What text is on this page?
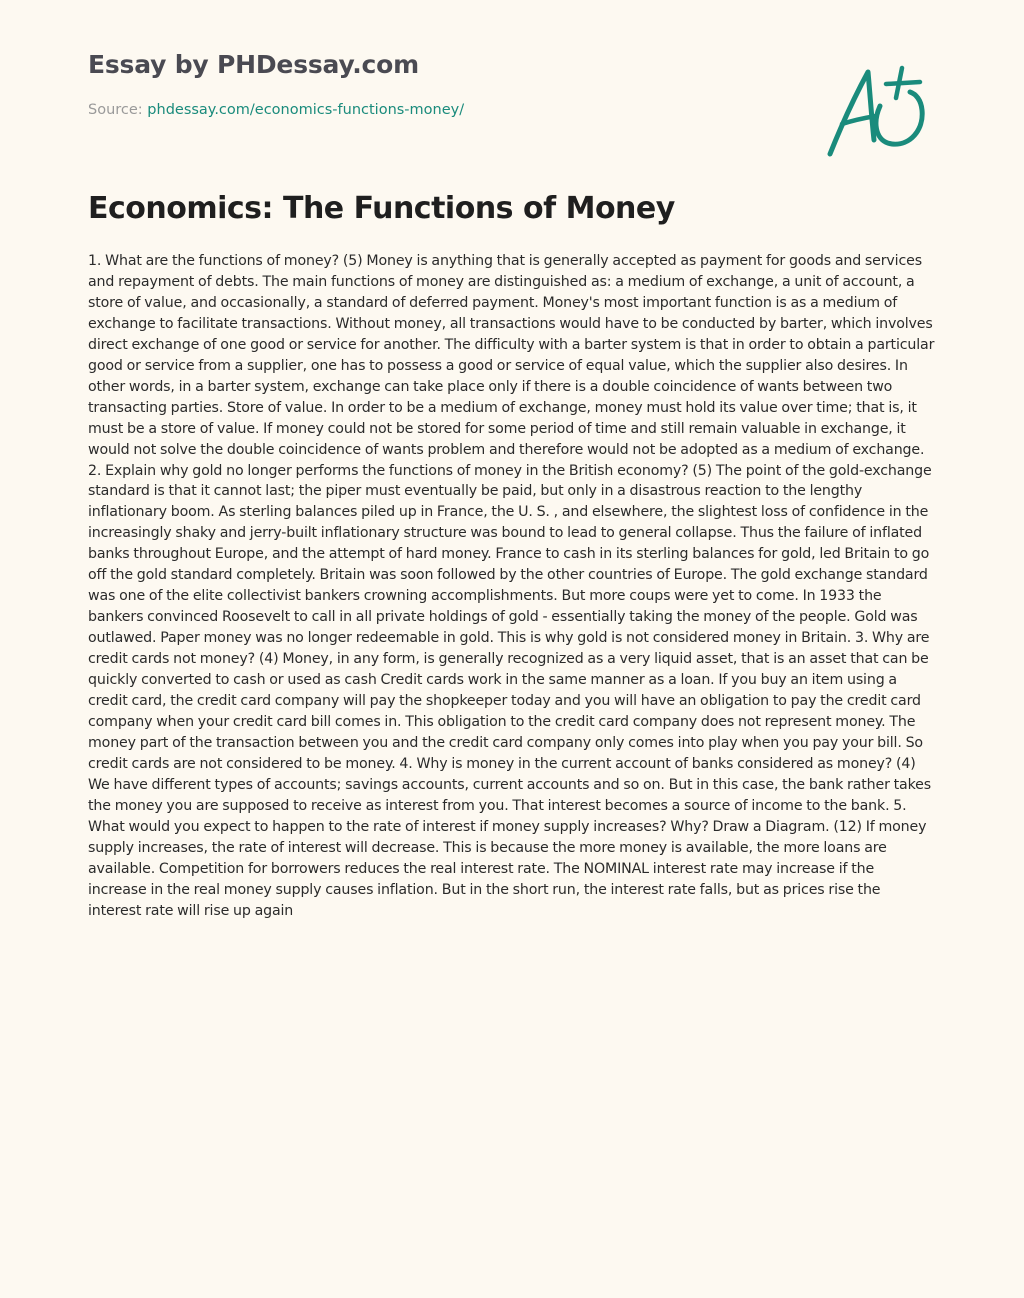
Essay by PHDessay.com
Source: phdessay.com/economics-functions-money/
Economics: The Functions of Money

1. What are the functions of money? (5) Money is anything that is generally accepted as payment for goods and services and repayment of debts. The main functions of money are distinguished as: a medium of exchange, a unit of account, a store of value, and occasionally, a standard of deferred payment. Money's most important function is as a medium of exchange to facilitate transactions. Without money, all transactions would have to be conducted by barter, which involves direct exchange of one good or service for another. The difficulty with a barter system is that in order to obtain a particular good or service from a supplier, one has to possess a good or service of equal value, which the supplier also desires. In other words, in a barter system, exchange can take place only if there is a double coincidence of wants between two transacting parties. Store of value. In order to be a medium of exchange, money must hold its value over time; that is, it must be a store of value. If money could not be stored for some period of time and still remain valuable in exchange, it would not solve the double coincidence of wants problem and therefore would not be adopted as a medium of exchange. 2. Explain why gold no longer performs the functions of money in the British economy? (5) The point of the gold-exchange standard is that it cannot last; the piper must eventually be paid, but only in a disastrous reaction to the lengthy inflationary boom. As sterling balances piled up in France, the U. S. , and elsewhere, the slightest loss of confidence in the increasingly shaky and jerry-built inflationary structure was bound to lead to general collapse. Thus the failure of inflated banks throughout Europe, and the attempt of hard money. France to cash in its sterling balances for gold, led Britain to go off the gold standard completely. Britain was soon followed by the other countries of Europe. The gold exchange standard was one of the elite collectivist bankers crowning accomplishments. But more coups were yet to come. In 1933 the bankers convinced Roosevelt to call in all private holdings of gold - essentially taking the money of the people. Gold was outlawed. Paper money was no longer redeemable in gold. This is why gold is not considered money in Britain. 3. Why are credit cards not money? (4) Money, in any form, is generally recognized as a very liquid asset, that is an asset that can be quickly converted to cash or used as cash Credit cards work in the same manner as a loan. If you buy an item using a credit card, the credit card company will pay the shopkeeper today and you will have an obligation to pay the credit card company when your credit card bill comes in. This obligation to the credit card company does not represent money. The money part of the transaction between you and the credit card company only comes into play when you pay your bill. So credit cards are not considered to be money. 4. Why is money in the current account of banks considered as money? (4) We have different types of accounts; savings accounts, current accounts and so on. But in this case, the bank rather takes the money you are supposed to receive as interest from you. That interest becomes a source of income to the bank. 5. What would you expect to happen to the rate of interest if money supply increases? Why? Draw a Diagram. (12) If money supply increases, the rate of interest will decrease. This is because the more money is available, the more loans are available. Competition for borrowers reduces the real interest rate. The NOMINAL interest rate may increase if the increase in the real money supply causes inflation. But in the short run, the interest rate falls, but as prices rise the interest rate will rise up again
